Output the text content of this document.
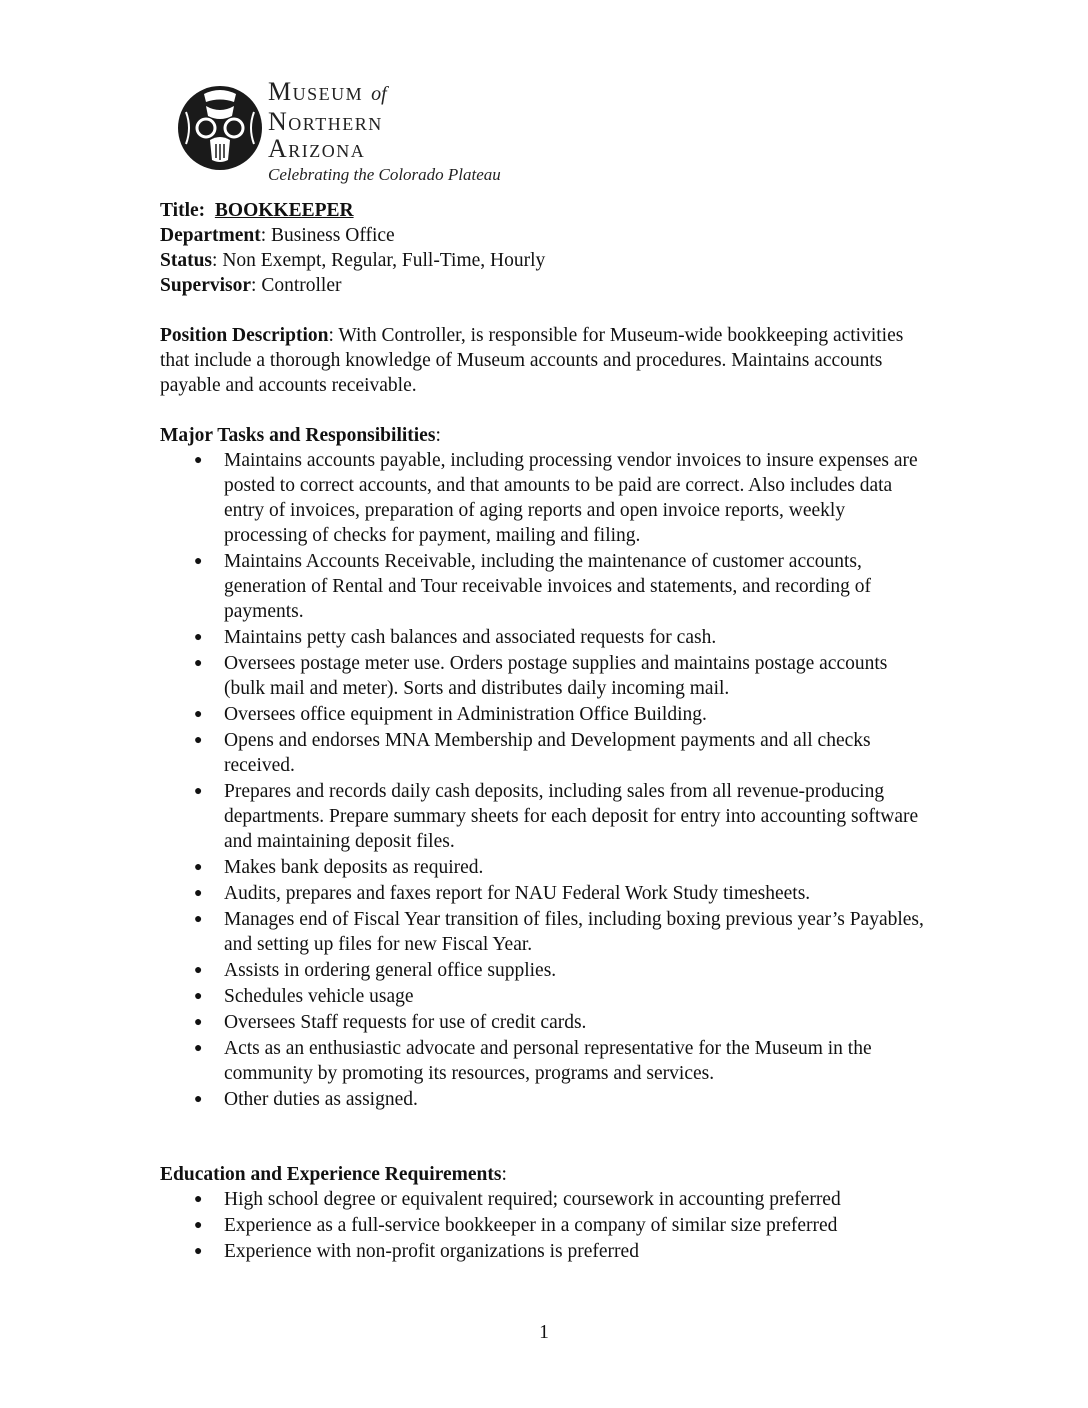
Museum of
Northern
Arizona
Celebrating the Colorado Plateau
Title:  BOOKKEEPER
Department: Business Office
Status: Non Exempt, Regular, Full-Time, Hourly
Supervisor: Controller
Position Description: With Controller, is responsible for Museum-wide bookkeeping activities that include a thorough knowledge of Museum accounts and procedures. Maintains accounts payable and accounts receivable.
Major Tasks and Responsibilities:
● Maintains accounts payable, including processing vendor invoices to insure expenses are posted to correct accounts, and that amounts to be paid are correct. Also includes data entry of invoices, preparation of aging reports and open invoice reports, weekly processing of checks for payment, mailing and filing.
● Maintains Accounts Receivable, including the maintenance of customer accounts, generation of Rental and Tour receivable invoices and statements, and recording of payments.
● Maintains petty cash balances and associated requests for cash.
● Oversees postage meter use. Orders postage supplies and maintains postage accounts (bulk mail and meter). Sorts and distributes daily incoming mail.
● Oversees office equipment in Administration Office Building.
● Opens and endorses MNA Membership and Development payments and all checks received.
● Prepares and records daily cash deposits, including sales from all revenue-producing departments. Prepare summary sheets for each deposit for entry into accounting software and maintaining deposit files.
● Makes bank deposits as required.
● Audits, prepares and faxes report for NAU Federal Work Study timesheets.
● Manages end of Fiscal Year transition of files, including boxing previous year’s Payables, and setting up files for new Fiscal Year.
● Assists in ordering general office supplies.
● Schedules vehicle usage
● Oversees Staff requests for use of credit cards.
● Acts as an enthusiastic advocate and personal representative for the Museum in the community by promoting its resources, programs and services.
● Other duties as assigned.
Education and Experience Requirements:
● High school degree or equivalent required; coursework in accounting preferred
● Experience as a full-service bookkeeper in a company of similar size preferred
● Experience with non-profit organizations is preferred
1
